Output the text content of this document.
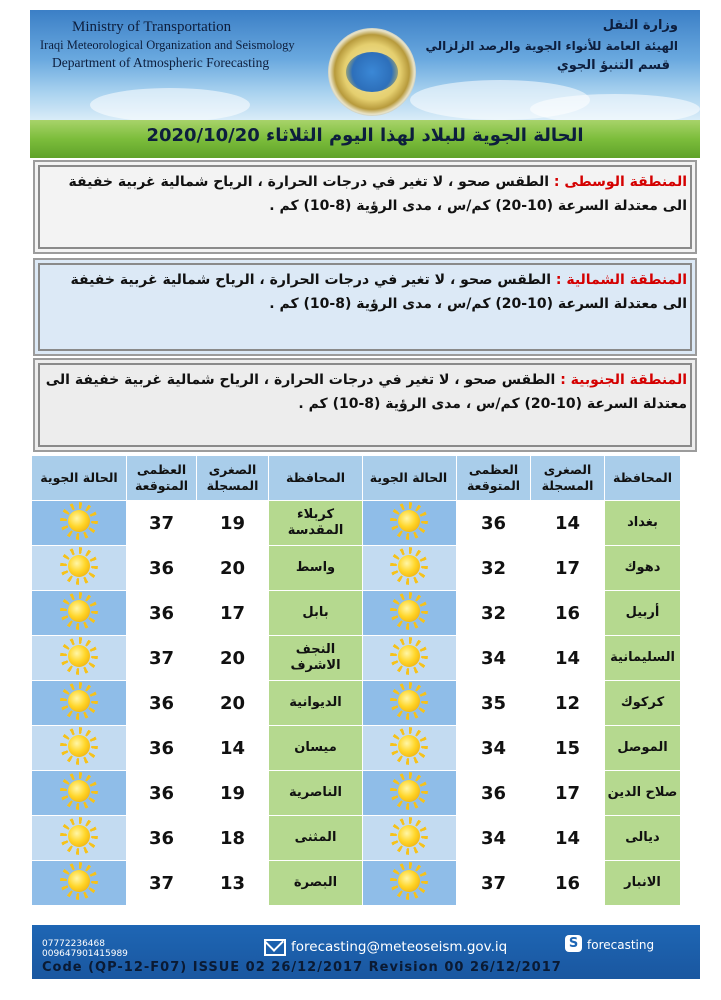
Ministry of Transportation
Iraqi Meteorological Organization and Seismology
Department of Atmospheric Forecasting
وزارة النقل
الهيئة العامة للأنواء الجوية والرصد الزلزالي
قسم التنبؤ الجوي
الحالة الجوية للبلاد لهذا اليوم الثلاثاء 2020/10/20
المنطقة الوسطى : الطقس صحو ، لا تغير في درجات الحرارة ، الرياح شمالية غربية خفيفة الى معتدلة السرعة (10-20) كم/س ، مدى الرؤية (8-10) كم .
المنطقة الشمالية : الطقس صحو ، لا تغير في درجات الحرارة ، الرياح شمالية غربية خفيفة الى معتدلة السرعة (10-20) كم/س ، مدى الرؤية (8-10) كم .
المنطقة الجنوبية : الطقس صحو ، لا تغير في درجات الحرارة ، الرياح شمالية غربية خفيفة الى معتدلة السرعة (10-20) كم/س ، مدى الرؤية (8-10) كم .
المحافظة	الصغرى المسجلة	العظمى المتوقعة	الحالة الجوية
بغداد	14	36	
دهوك	17	32	
أربيل	16	32	
السليمانية	14	34	
كركوك	12	35	
الموصل	15	34	
صلاح الدين	17	36	
ديالى	14	34	
الانبار	16	37	
المحافظة	الصغرى المسجلة	العظمى المتوقعة	الحالة الجوية
كربلاء المقدسة	19	37	
واسط	20	36	
بابل	17	36	
النجف الاشرف	20	37	
الديوانية	20	36	
ميسان	14	36	
الناصرية	19	36	
المثنى	18	36	
البصرة	13	37	
07772236468
009647901415989	forecasting@meteoseism.gov.iq	S forecasting
Code (QP-12-F07) ISSUE 02 26/12/2017 Revision 00 26/12/2017
